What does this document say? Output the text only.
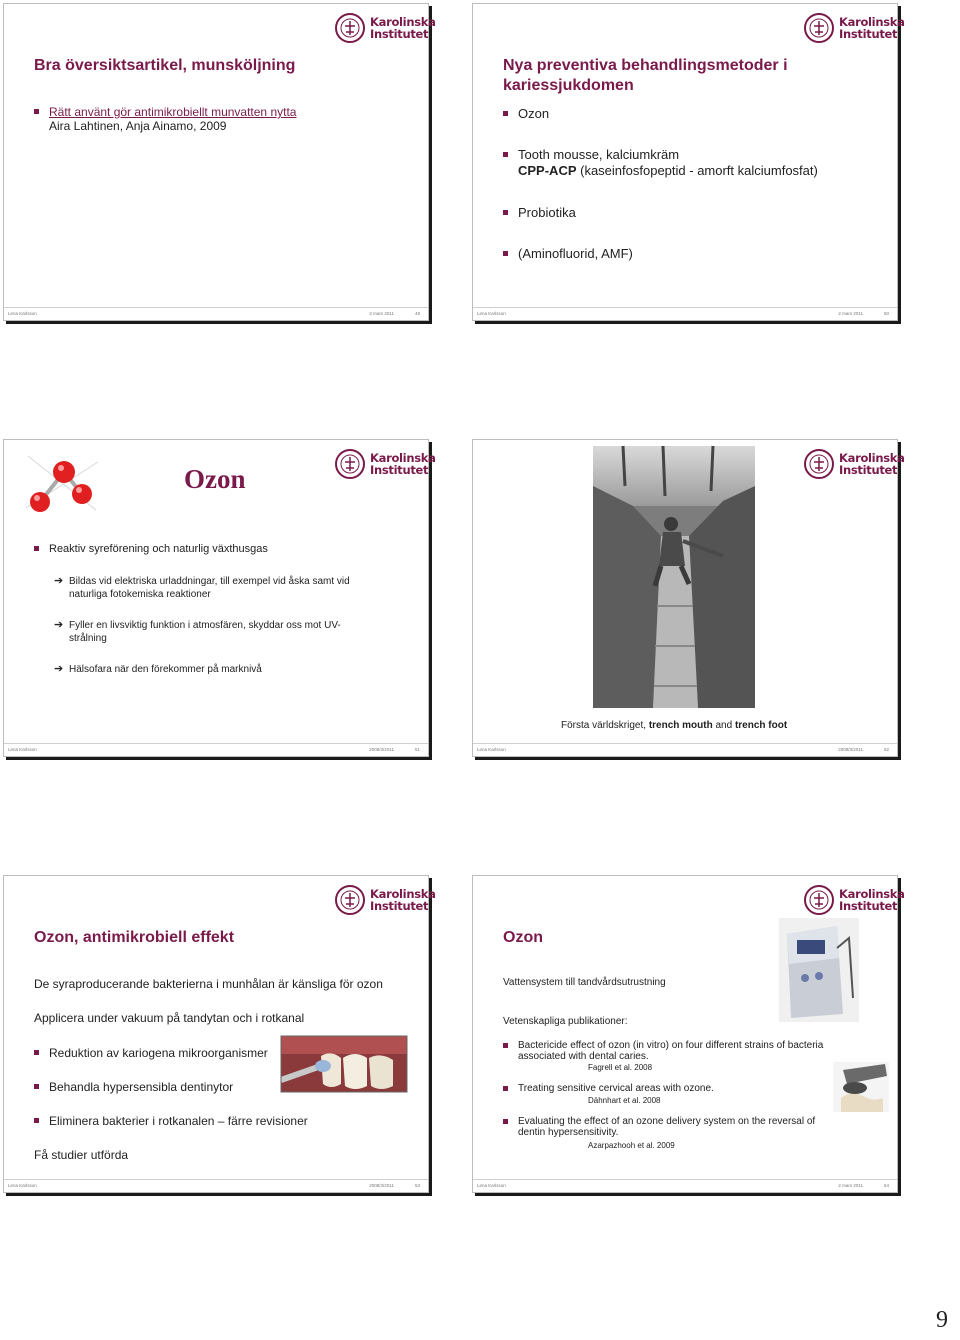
Karolinska
Institutet
Bra översiktsartikel, munsköljning
Rätt använt gör antimikrobiellt munvatten nytta
Aira Lahtinen, Anja Ainamo, 2009
Lena Karlsson	2 mars 2011	49
Karolinska
Institutet
Nya preventiva behandlingsmetoder i
kariessjukdomen
Ozon
Tooth mousse, kalciumkräm
CPP-ACP (kaseinfosfopeptid - amorft kalciumfosfat)
Probiotika
(Aminofluorid, AMF)
Lena Karlsson	2 mars 2011	50
Ozon
Karolinska
Institutet
Reaktiv syreförening och naturlig växthusgas
➔ Bildas vid elektriska urladdningar, till exempel vid åska samt vid
naturliga fotokemiska reaktioner
➔ Fyller en livsviktig funktion i atmosfären, skyddar oss mot UV-
strålning
➔ Hälsofara när den förekommer på marknivå
Lena Karlsson	2008/3/2011	51
Karolinska
Institutet
Första världskriget, trench mouth and trench foot
Lena Karlsson	2008/3/2011	52
Karolinska
Institutet
Ozon, antimikrobiell effekt
De syraproducerande bakterierna i munhålan är känsliga för ozon
Applicera under vakuum på tandytan och i rotkanal
Reduktion av kariogena mikroorganismer
Behandla hypersensibla dentinytor
Eliminera bakterier i rotkanalen – färre revisioner
Få studier utförda
Lena Karlsson	2008/3/2011	53
Karolinska
Institutet
Ozon
Vattensystem till tandvårdsutrustning
Vetenskapliga publikationer:
Bactericide effect of ozon (in vitro) on four different strains of bacteria
associated with dental caries.
Fagrell et al. 2008
Treating sensitive cervical areas with ozone.
Dähnhart et al. 2008
Evaluating the effect of an ozone delivery system on the reversal of
dentin hypersensitivity.
Azarpazhooh et al. 2009
Lena Karlsson	2 mars 2011	54
9
